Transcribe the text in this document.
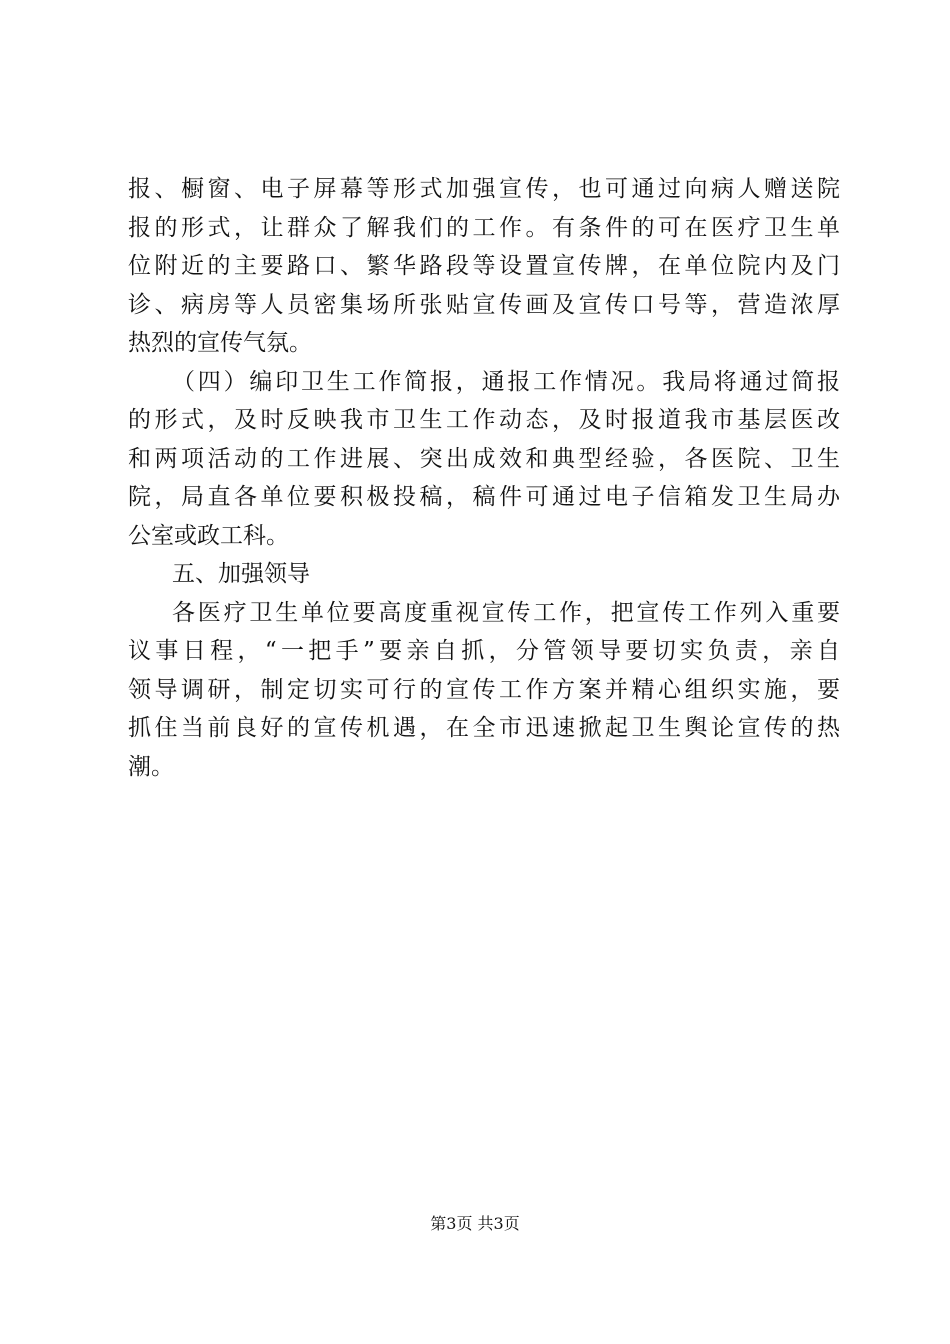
报、橱窗、电子屏幕等形式加强宣传，也可通过向病人赠送院
报的形式，让群众了解我们的工作。有条件的可在医疗卫生单
位附近的主要路口、繁华路段等设置宣传牌，在单位院内及门
诊、病房等人员密集场所张贴宣传画及宣传口号等，营造浓厚
热烈的宣传气氛。
（四）编印卫生工作简报，通报工作情况。我局将通过简报
的形式，及时反映我市卫生工作动态，及时报道我市基层医改
和两项活动的工作进展、突出成效和典型经验，各医院、卫生
院，局直各单位要积极投稿，稿件可通过电子信箱发卫生局办
公室或政工科。
五、加强领导
各医疗卫生单位要高度重视宣传工作，把宣传工作列入重要
议事日程，“一把手”要亲自抓，分管领导要切实负责，亲自
领导调研，制定切实可行的宣传工作方案并精心组织实施，要
抓住当前良好的宣传机遇，在全市迅速掀起卫生舆论宣传的热
潮。
第3页 共3页
